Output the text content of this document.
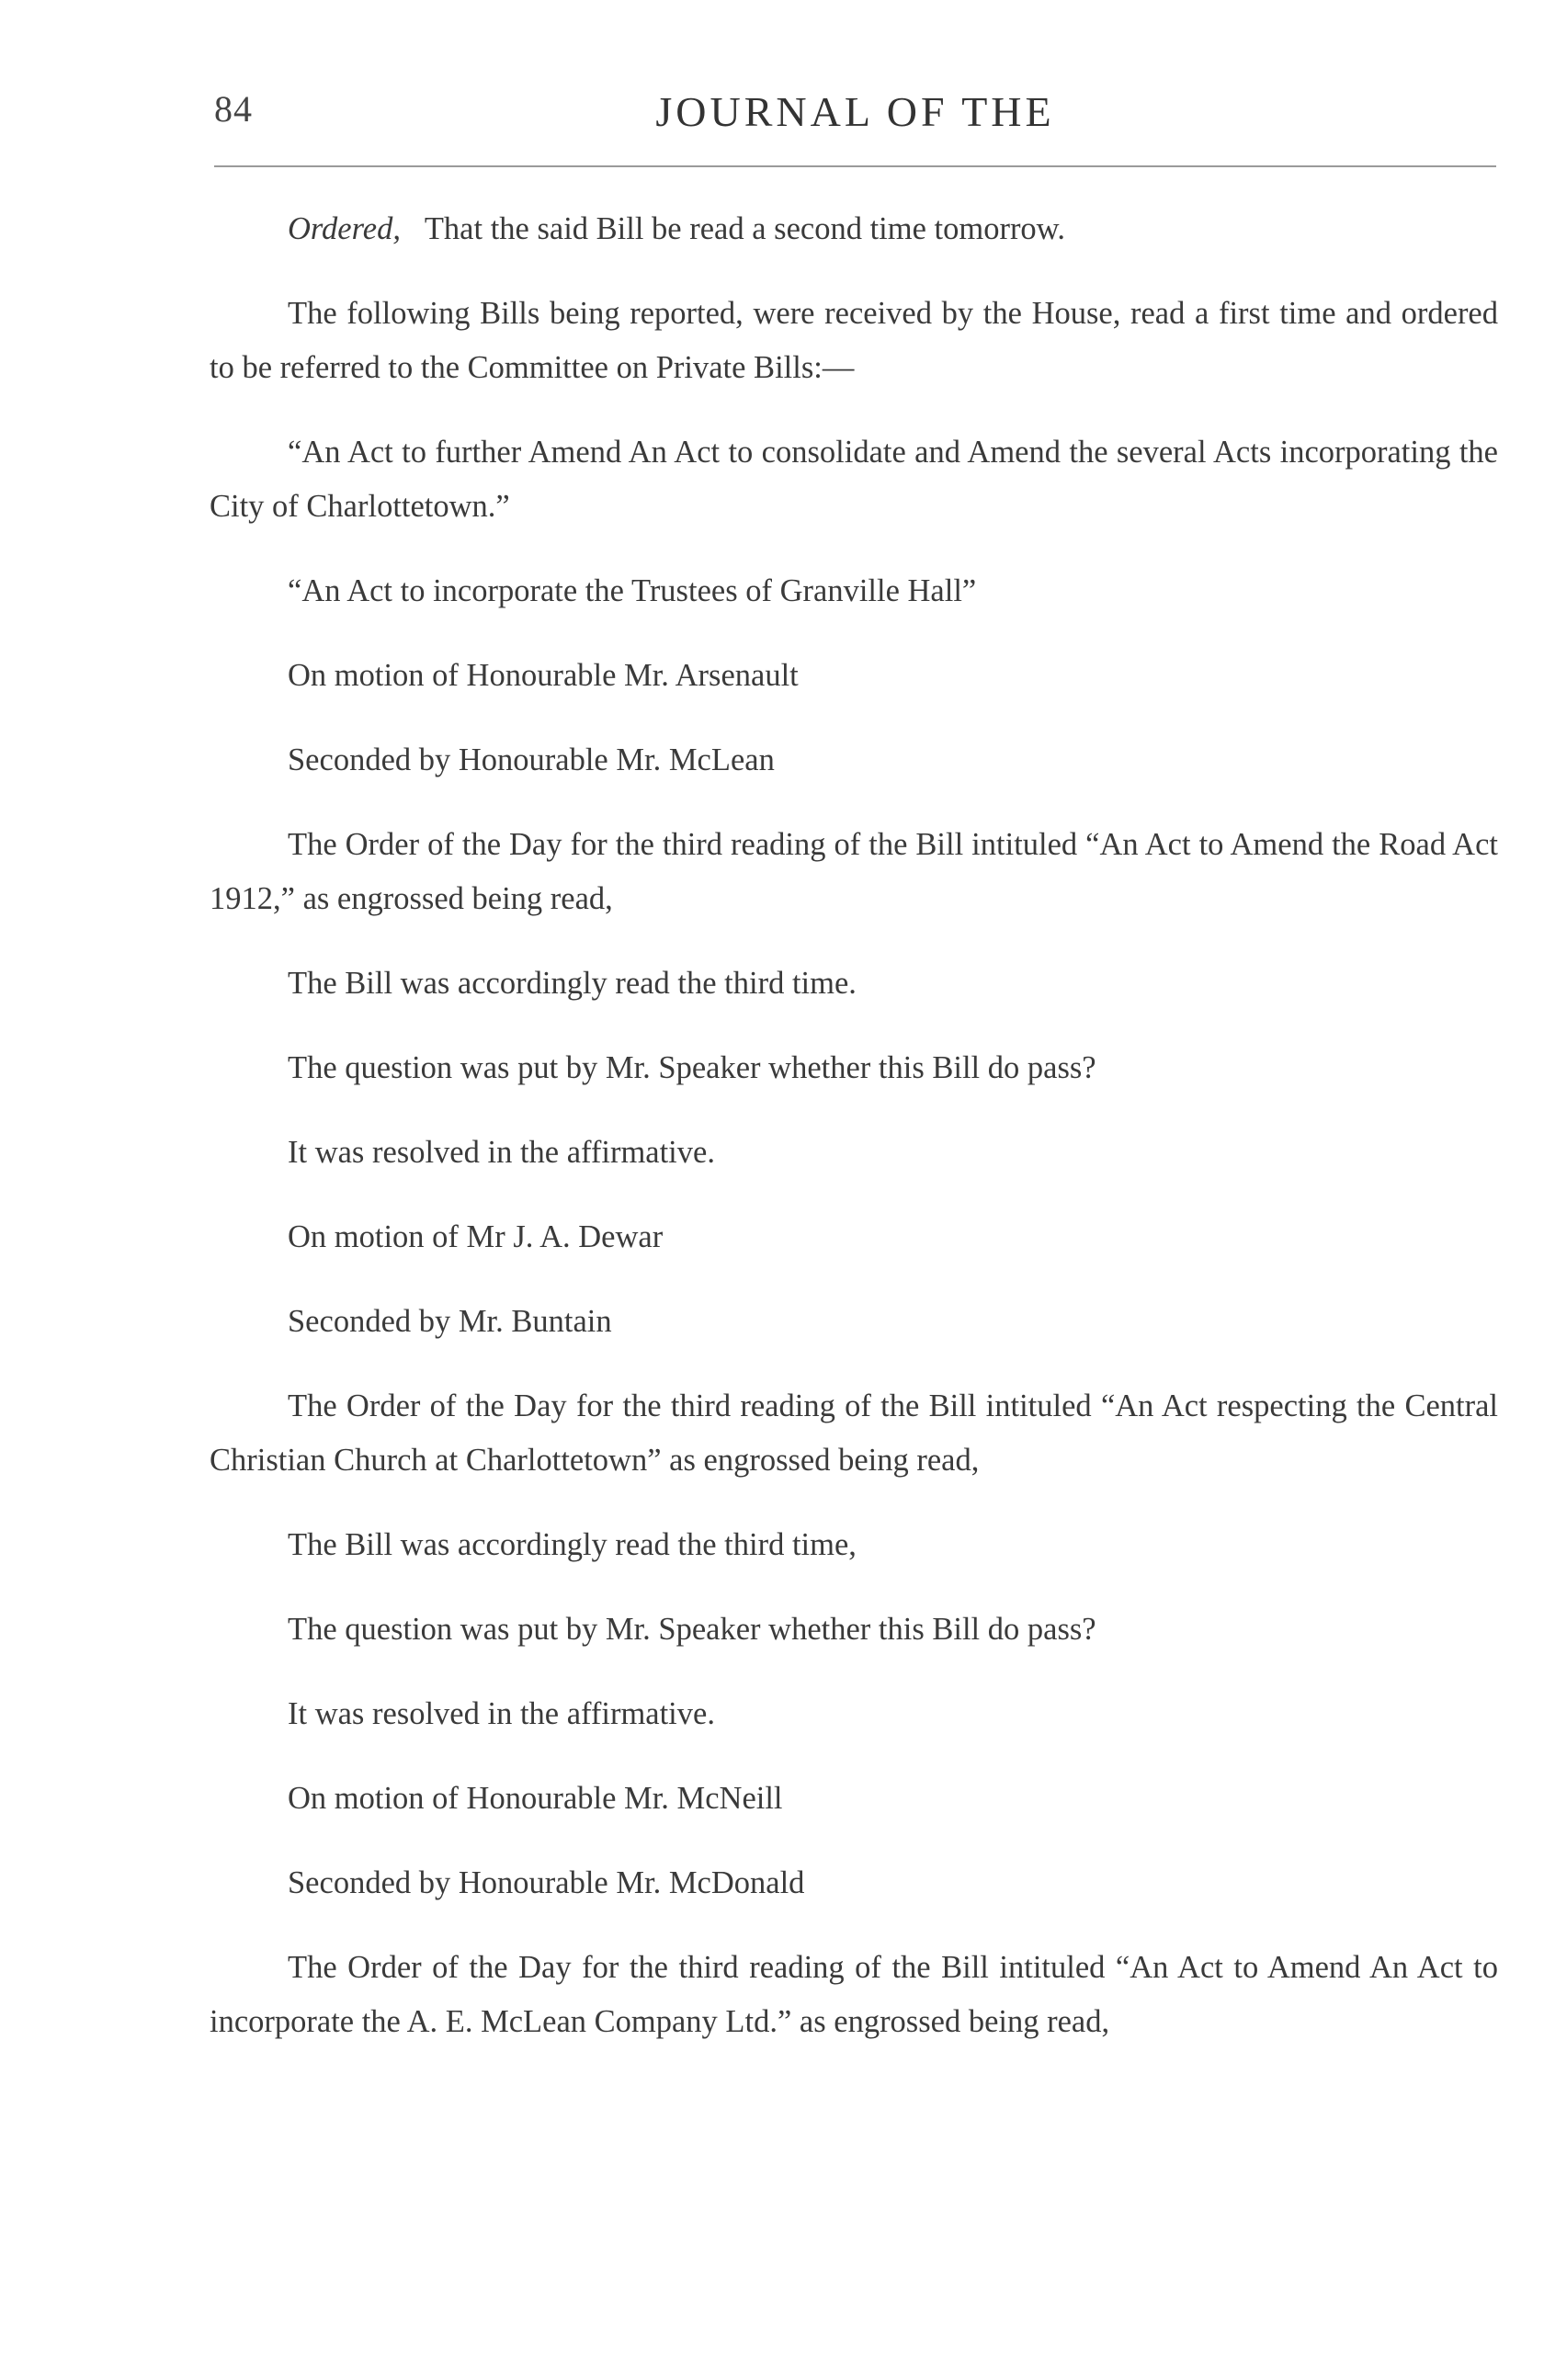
84	JOURNAL OF THE

Ordered, That the said Bill be read a second time tomorrow.

The following Bills being reported, were received by the House, read a first time and ordered to be referred to the Committee on Private Bills:—

“An Act to further Amend An Act to consolidate and Amend the several Acts incorporating the City of Charlottetown.”

“An Act to incorporate the Trustees of Granville Hall”

On motion of Honourable Mr. Arsenault

Seconded by Honourable Mr. McLean

The Order of the Day for the third reading of the Bill intituled “An Act to Amend the Road Act 1912,” as engrossed being read,

The Bill was accordingly read the third time.

The question was put by Mr. Speaker whether this Bill do pass?

It was resolved in the affirmative.

On motion of Mr J. A. Dewar

Seconded by Mr. Buntain

The Order of the Day for the third reading of the Bill intituled “An Act respecting the Central Christian Church at Charlottetown” as engrossed being read,

The Bill was accordingly read the third time,

The question was put by Mr. Speaker whether this Bill do pass?

It was resolved in the affirmative.

On motion of Honourable Mr. McNeill

Seconded by Honourable Mr. McDonald

The Order of the Day for the third reading of the Bill intituled “An Act to Amend An Act to incorporate the A. E. McLean Company Ltd.” as engrossed being read,
